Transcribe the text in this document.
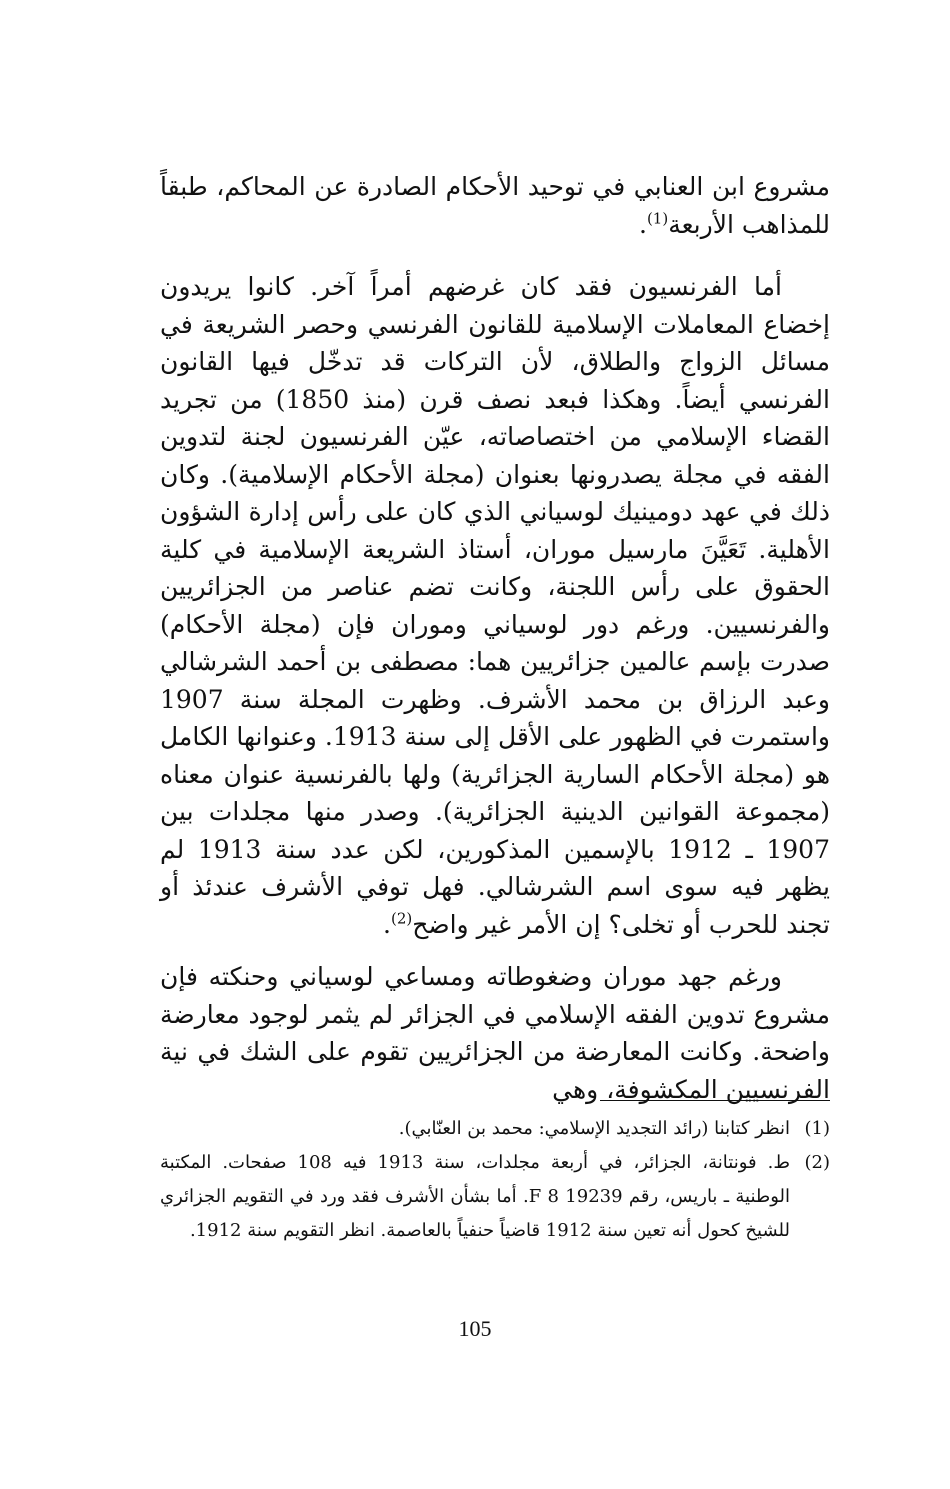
مشروع ابن العنابي في توحيد الأحكام الصادرة عن المحاكم، طبقاً للمذاهب الأربعة$^{(1)}$.

أما الفرنسيون فقد كان غرضهم أمراً آخر. كانوا يريدون إخضاع المعاملات الإسلامية للقانون الفرنسي وحصر الشريعة في مسائل الزواج والطلاق، لأن التركات قد تدخّل فيها القانون الفرنسي أيضاً. وهكذا فبعد نصف قرن (منذ 1850) من تجريد القضاء الإسلامي من اختصاصاته، عيّن الفرنسيون لجنة لتدوين الفقه في مجلة يصدرونها بعنوان (مجلة الأحكام الإسلامية). وكان ذلك في عهد دومينيك لوسياني الذي كان على رأس إدارة الشؤون الأهلية. تَعَيَّنَ مارسيل موران، أستاذ الشريعة الإسلامية في كلية الحقوق على رأس اللجنة، وكانت تضم عناصر من الجزائريين والفرنسيين. ورغم دور لوسياني وموران فإن (مجلة الأحكام) صدرت بإسم عالمين جزائريين هما: مصطفى بن أحمد الشرشالي وعبد الرزاق بن محمد الأشرف. وظهرت المجلة سنة 1907 واستمرت في الظهور على الأقل إلى سنة 1913. وعنوانها الكامل هو (مجلة الأحكام السارية الجزائرية) ولها بالفرنسية عنوان معناه (مجموعة القوانين الدينية الجزائرية). وصدر منها مجلدات بين 1907 ـ 1912 بالإسمين المذكورين، لكن عدد سنة 1913 لم يظهر فيه سوى اسم الشرشالي. فهل توفي الأشرف عندئذ أو تجند للحرب أو تخلى؟ إن الأمر غير واضح$^{(2)}$.

ورغم جهد موران وضغوطاته ومساعي لوسياني وحنكته فإن مشروع تدوين الفقه الإسلامي في الجزائر لم يثمر لوجود معارضة واضحة. وكانت المعارضة من الجزائريين تقوم على الشك في نية الفرنسيين المكشوفة، وهي

(1)
انظر كتابنا (رائد التجديد الإسلامي: محمد بن العنّابي).
(2)
ط. فونتانة، الجزائر، في أربعة مجلدات، سنة 1913 فيه 108 صفحات. المكتبة الوطنية ـ باريس، رقم 19239 F 8. أما بشأن الأشرف فقد ورد في التقويم الجزائري للشيخ كحول أنه تعين سنة 1912 قاضياً حنفياً بالعاصمة. انظر التقويم سنة 1912.
105
